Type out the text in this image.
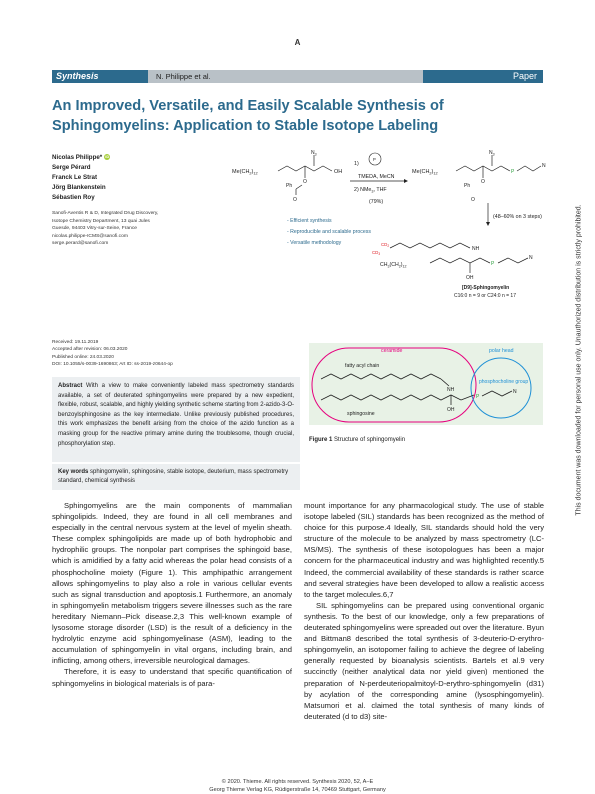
A
Synthesis	N. Philippe et al.	Paper
An Improved, Versatile, and Easily Scalable Synthesis of Sphingomyelins: Application to Stable Isotope Labeling
Nicolas Philippe* iD
Serge Pérard
Franck Le Strat
Jörg Blankenstein
Sébastien Roy
Sanofi-Aventis R & D, Integrated Drug Discovery,
Isotope Chemistry Department, 13 quai Jules
Guesde, 94403 Vitry-sur-Seine, France
nicolas.philippe-ICMS@sanofi.com
serge.perard@sanofi.com
$Me(CH_2)_{12}$
$N_3$
OH
O
Ph
O
1)
P
TMEDA, MeCN
2) NMe$_3$, THF
(79%)
$Me(CH_2)_{12}$
$N_3$
P
N
O
Ph
O
(48–60% on 3 steps)
- Efficient synthesis
- Reproducible and scalable process
- Versatile methodology	$CD_2$
$CD_3$
NH
$CH_3(CH_2)_{12}$
OH
P
N
[D9]-Sphingomyelin
C16:0 n = 9 or C24:0 n = 17
Received: 19.11.2019
Accepted after revision: 06.03.2020
Published online: 24.03.2020
DOI: 10.1055/s-0039-1690863; Art ID: ss-2019-z0644-op
Abstract With a view to make conveniently labeled mass spectrometry standards available, a set of deuterated sphingomyelins were prepared by a new expedient, flexible, robust, scalable, and highly yielding synthetic scheme starting from 2-azido-3-O-benzoylsphingosine as the key intermediate. Unlike previously published procedures, this work emphasizes the benefit arising from the choice of the azido function as a masking group for the reactive primary amine during the troublesome, though crucial, phosphorylation step.
Key words sphingomyelin, sphingosine, stable isotope, deuterium, mass spectrometry standard, chemical synthesis
ceramide	polar head
fatty acyl chain
phosphocholine group
sphingosine
NH
OH
P
N
Figure 1 Structure of sphingomyelin

Sphingomyelins are the main components of mammalian sphingolipids. Indeed, they are found in all cell membranes and especially in the central nervous system at the level of myelin sheath. These complex sphingolipids are made up of both hydrophobic and hydrophilic groups. The nonpolar part comprises the sphingoid base, which is amidified by a fatty acid whereas the polar head consists of a phosphocholine moiety (Figure 1). This amphipathic arrangement allows sphingomyelins to play also a role in various cellular events such as signal transduction and apoptosis.1 Furthermore, an anomaly in sphingomyelin metabolism triggers severe illnesses such as the rare hereditary Niemann–Pick disease.2,3 This well-known example of lysosome storage disorder (LSD) is the result of a deficiency in the hydrolytic enzyme acid sphingomyelinase (ASM), leading to the accumulation of sphingomyelin in vital organs, including brain, and inflicting, among others, irreversible neurological damages.

Therefore, it is easy to understand that specific quantification of sphingomyelins in biological materials is of para-

mount importance for any pharmacological study. The use of stable isotope labeled (SIL) standards has been recognized as the method of choice for this purpose.4 Ideally, SIL standards should hold the very structure of the molecule to be analyzed by mass spectrometry (LC-MS/MS). The synthesis of these isotopologues has been a major concern for the pharmaceutical industry and was highlighted recently.5 Indeed, the commercial availability of these standards is rather scarce and several strategies have been developed to allow a realistic access to the target molecules.6,7

SIL sphingomyelins can be prepared using conventional organic synthesis. To the best of our knowledge, only a few preparations of deuterated sphingomyelins were spreaded out over the literature. Byun and Bittman8 described the total synthesis of 3-deuterio-D-erythro-sphingomyelin, an isotopomer failing to achieve the degree of labeling generally requested by bioanalysis scientists. Bartels et al.9 very succinctly (neither analytical data nor yield given) mentioned the preparation of N-perdeuteriopalmitoyl-D-erythro-sphingomyelin (d31) by acylation of the corresponding amine (lysosphingomyelin). Matsumori et al. claimed the total synthesis of many kinds of deuterated (d to d3) site-

© 2020. Thieme. All rights reserved. Synthesis 2020, 52, A–E
Georg Thieme Verlag KG, Rüdigerstraße 14, 70469 Stuttgart, Germany
This document was downloaded for personal use only. Unauthorized distribution is strictly prohibited.
